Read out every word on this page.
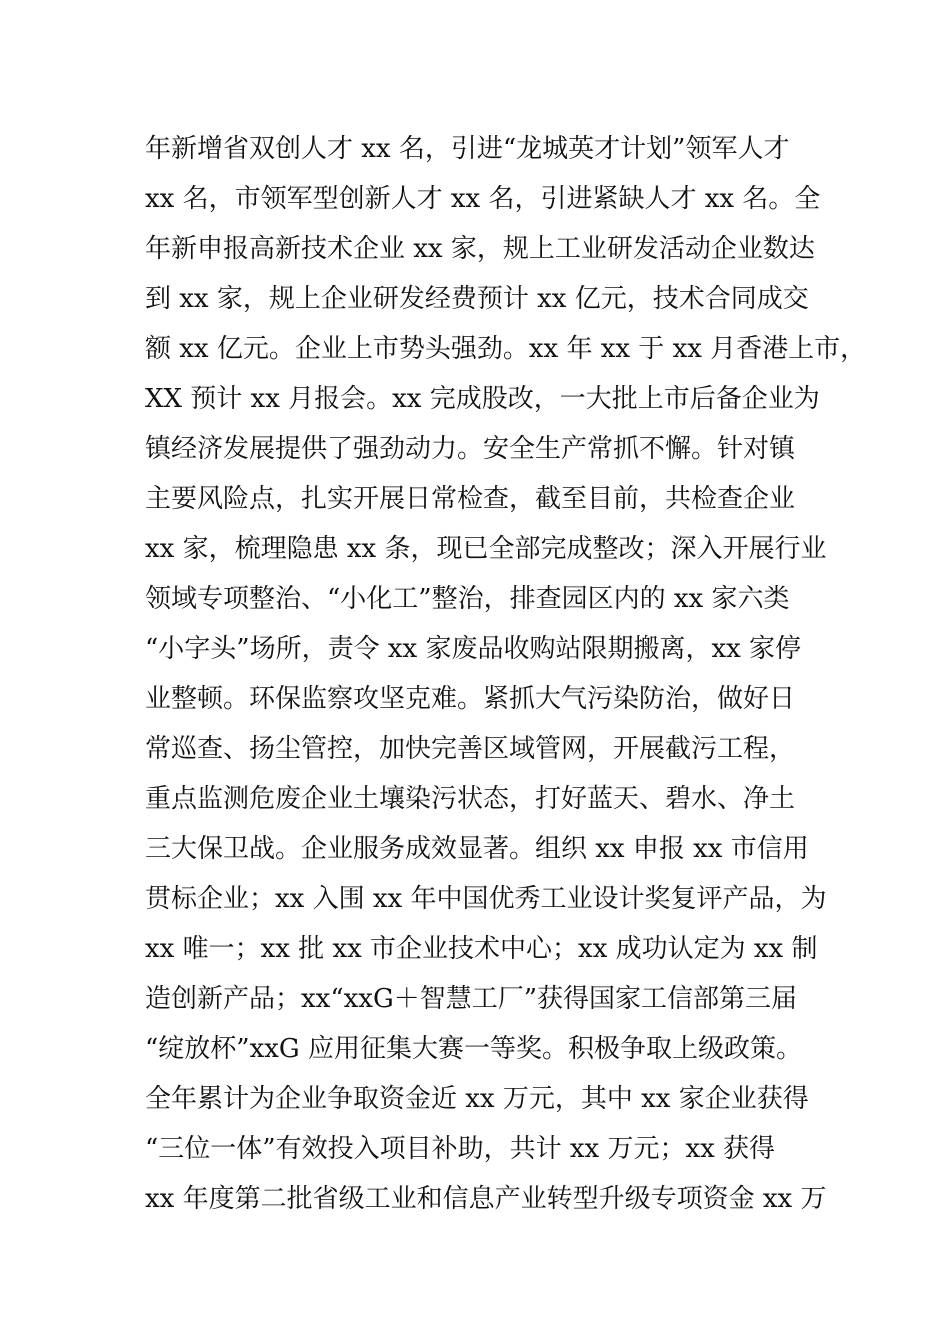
年新增省双创人才 xx 名，引进“龙城英才计划”领军人才
xx 名，市领军型创新人才 xx 名，引进紧缺人才 xx 名。全
年新申报高新技术企业 xx 家，规上工业研发活动企业数达
到 xx 家，规上企业研发经费预计 xx 亿元，技术合同成交
额 xx 亿元。企业上市势头强劲。xx 年 xx 于 xx 月香港上市，
XX 预计 xx 月报会。xx 完成股改，一大批上市后备企业为
镇经济发展提供了强劲动力。安全生产常抓不懈。针对镇
主要风险点，扎实开展日常检查，截至目前，共检查企业
xx 家，梳理隐患 xx 条，现已全部完成整改；深入开展行业
领域专项整治、“小化工”整治，排查园区内的 xx 家六类
“小字头”场所，责令 xx 家废品收购站限期搬离，xx 家停
业整顿。环保监察攻坚克难。紧抓大气污染防治，做好日
常巡查、扬尘管控，加快完善区域管网，开展截污工程，
重点监测危废企业土壤染污状态，打好蓝天、碧水、净土
三大保卫战。企业服务成效显著。组织 xx 申报 xx 市信用
贯标企业；xx 入围 xx 年中国优秀工业设计奖复评产品，为
xx 唯一；xx 批 xx 市企业技术中心；xx 成功认定为 xx 制
造创新产品；xx“xxG＋智慧工厂”获得国家工信部第三届
“绽放杯”xxG 应用征集大赛一等奖。积极争取上级政策。
全年累计为企业争取资金近 xx 万元，其中 xx 家企业获得
“三位一体”有效投入项目补助，共计 xx 万元；xx 获得
xx 年度第二批省级工业和信息产业转型升级专项资金 xx 万
